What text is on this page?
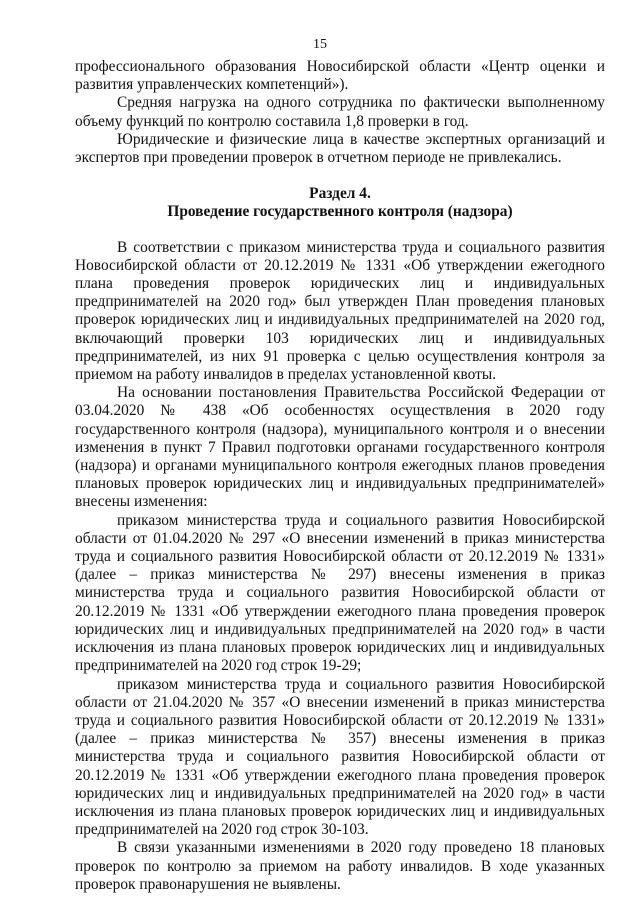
15

профессионального образования Новосибирской области «Центр оценки и развития управленческих компетенций»).

Средняя нагрузка на одного сотрудника по фактически выполненному объему функций по контролю составила 1,8 проверки в год.

Юридические и физические лица в качестве экспертных организаций и экспертов при проведении проверок в отчетном периоде не привлекались.

Раздел 4.

Проведение государственного контроля (надзора)

В соответствии с приказом министерства труда и социального развития Новосибирской области от 20.12.2019 № 1331 «Об утверждении ежегодного плана проведения проверок юридических лиц и индивидуальных предпринимателей на 2020 год» был утвержден План проведения плановых проверок юридических лиц и индивидуальных предпринимателей на 2020 год, включающий проверки 103 юридических лиц и индивидуальных предпринимателей, из них 91 проверка с целью осуществления контроля за приемом на работу инвалидов в пределах установленной квоты.

На основании постановления Правительства Российской Федерации от 03.04.2020 № 438 «Об особенностях осуществления в 2020 году государственного контроля (надзора), муниципального контроля и о внесении изменения в пункт 7 Правил подготовки органами государственного контроля (надзора) и органами муниципального контроля ежегодных планов проведения плановых проверок юридических лиц и индивидуальных предпринимателей» внесены изменения:

приказом министерства труда и социального развития Новосибирской области от 01.04.2020 № 297 «О внесении изменений в приказ министерства труда и социального развития Новосибирской области от 20.12.2019 № 1331» (далее – приказ министерства № 297) внесены изменения в приказ министерства труда и социального развития Новосибирской области от 20.12.2019 № 1331 «Об утверждении ежегодного плана проведения проверок юридических лиц и индивидуальных предпринимателей на 2020 год» в части исключения из плана плановых проверок юридических лиц и индивидуальных предпринимателей на 2020 год строк 19-29;

приказом министерства труда и социального развития Новосибирской области от 21.04.2020 № 357 «О внесении изменений в приказ министерства труда и социального развития Новосибирской области от 20.12.2019 № 1331» (далее – приказ министерства № 357) внесены изменения в приказ министерства труда и социального развития Новосибирской области от 20.12.2019 № 1331 «Об утверждении ежегодного плана проведения проверок юридических лиц и индивидуальных предпринимателей на 2020 год» в части исключения из плана плановых проверок юридических лиц и индивидуальных предпринимателей на 2020 год строк 30-103.

В связи указанными изменениями в 2020 году проведено 18 плановых проверок по контролю за приемом на работу инвалидов. В ходе указанных проверок правонарушения не выявлены.
